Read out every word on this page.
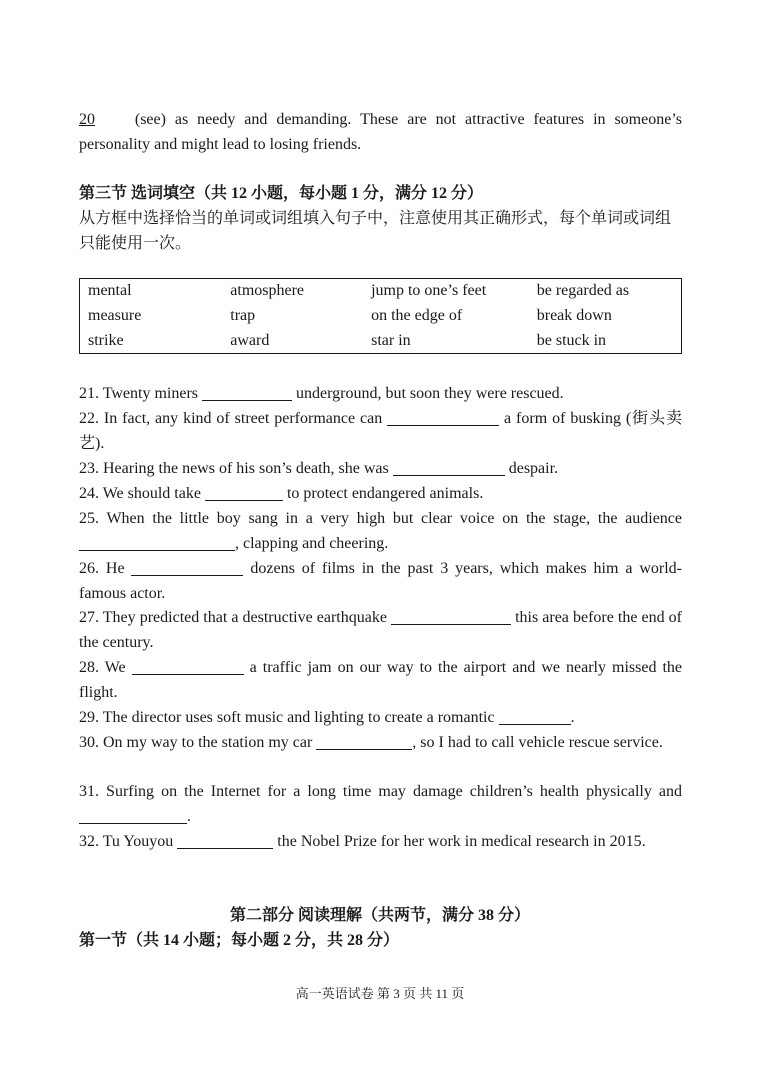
20 (see) as needy and demanding. These are not attractive features in someone’s personality and might lead to losing friends.

第三节 选词填空（共 12 小题，每小题 1 分，满分 12 分）

从方框中选择恰当的单词或词组填入句子中，注意使用其正确形式，每个单词或词组只能使用一次。

mental	atmosphere	jump to one’s feet	be regarded as
measure	trap	on the edge of	break down
strike	award	star in	be stuck in

21. Twenty miners	underground, but soon they were rescued.

22. In fact, any kind of street performance can	a form of busking (街头卖艺).

23. Hearing the news of his son’s death, she was	despair.

24. We should take	to protect endangered animals.

25. When the little boy sang in a very high but clear voice on the stage, the audience , clapping and cheering.

26. He	dozens of films in the past 3 years, which makes him a world-famous actor.

27. They predicted that a destructive earthquake	this area before the end of the century.

28. We	a traffic jam on our way to the airport and we nearly missed the flight.

29. The director uses soft music and lighting to create a romantic	.

30. On my way to the station my car	, so I had to call vehicle rescue service.

31. Surfing on the Internet for a long time may damage children’s health physically and .

32. Tu Youyou	the Nobel Prize for her work in medical research in 2015.

第二部分 阅读理解（共两节，满分 38 分）

第一节（共 14 小题；每小题 2 分，共 28 分）

高一英语试卷 第 3 页 共 11 页
